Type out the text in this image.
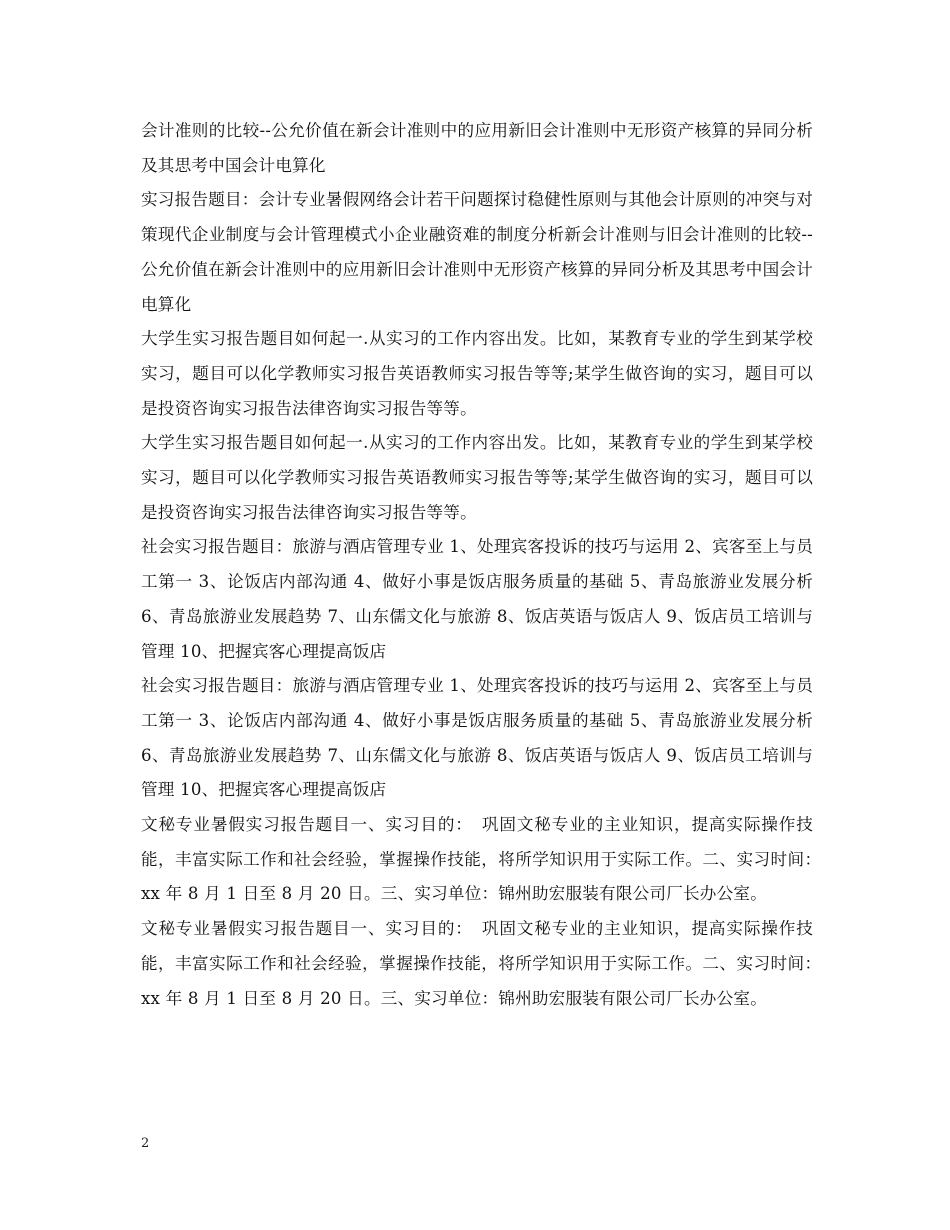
会计准则的比较--公允价值在新会计准则中的应用新旧会计准则中无形资产核算的异同分析及其思考中国会计电算化

实习报告题目：会计专业暑假网络会计若干问题探讨稳健性原则与其他会计原则的冲突与对策现代企业制度与会计管理模式小企业融资难的制度分析新会计准则与旧会计准则的比较--公允价值在新会计准则中的应用新旧会计准则中无形资产核算的异同分析及其思考中国会计电算化

大学生实习报告题目如何起一.从实习的工作内容出发。比如，某教育专业的学生到某学校实习，题目可以化学教师实习报告英语教师实习报告等等;某学生做咨询的实习，题目可以是投资咨询实习报告法律咨询实习报告等等。

大学生实习报告题目如何起一.从实习的工作内容出发。比如，某教育专业的学生到某学校实习，题目可以化学教师实习报告英语教师实习报告等等;某学生做咨询的实习，题目可以是投资咨询实习报告法律咨询实习报告等等。

社会实习报告题目：旅游与酒店管理专业 1、处理宾客投诉的技巧与运用 2、宾客至上与员工第一 3、论饭店内部沟通 4、做好小事是饭店服务质量的基础 5、青岛旅游业发展分析 6、青岛旅游业发展趋势 7、山东儒文化与旅游 8、饭店英语与饭店人 9、饭店员工培训与管理 10、把握宾客心理提高饭店

社会实习报告题目：旅游与酒店管理专业 1、处理宾客投诉的技巧与运用 2、宾客至上与员工第一 3、论饭店内部沟通 4、做好小事是饭店服务质量的基础 5、青岛旅游业发展分析 6、青岛旅游业发展趋势 7、山东儒文化与旅游 8、饭店英语与饭店人 9、饭店员工培训与管理 10、把握宾客心理提高饭店

文秘专业暑假实习报告题目一、实习目的：　巩固文秘专业的主业知识，提高实际操作技能，丰富实际工作和社会经验，掌握操作技能，将所学知识用于实际工作。二、实习时间：　xx 年 8 月 1 日至 8 月 20 日。三、实习单位：锦州助宏服装有限公司厂长办公室。

文秘专业暑假实习报告题目一、实习目的：　巩固文秘专业的主业知识，提高实际操作技能，丰富实际工作和社会经验，掌握操作技能，将所学知识用于实际工作。二、实习时间：　xx 年 8 月 1 日至 8 月 20 日。三、实习单位：锦州助宏服装有限公司厂长办公室。

2
